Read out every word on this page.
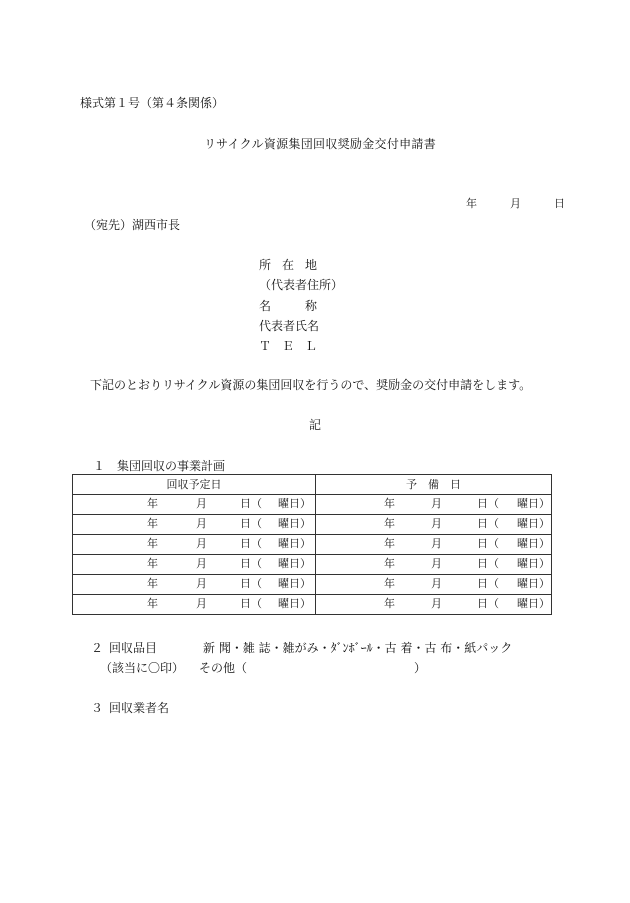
様式第１号（第４条関係）
リサイクル資源集団回収奨励金交付申請書
年	月	日
（宛先）湖西市長
所在地
（代表者住所）
名称
代表者氏名
ＴＥＬ
下記のとおりリサイクル資源の集団回収を行うので、奨励金の交付申請をします。
記
１　 集団回収の事業計画
回収予定日	予　備　日

年 月 日（ 曜日）	年 月 日（ 曜日）

年 月 日（ 曜日）	年 月 日（ 曜日）

年 月 日（ 曜日）	年 月 日（ 曜日）

年 月 日（ 曜日）	年 月 日（ 曜日）

年 月 日（ 曜日）	年 月 日（ 曜日）

年 月 日（ 曜日）	年 月 日（ 曜日）
２ 回収品目	新 聞・雑 誌・雑がみ・ﾀﾞﾝﾎﾞｰﾙ・古 着・古 布・紙パック
（該当に〇印） その他（	）
３ 回収業者名
